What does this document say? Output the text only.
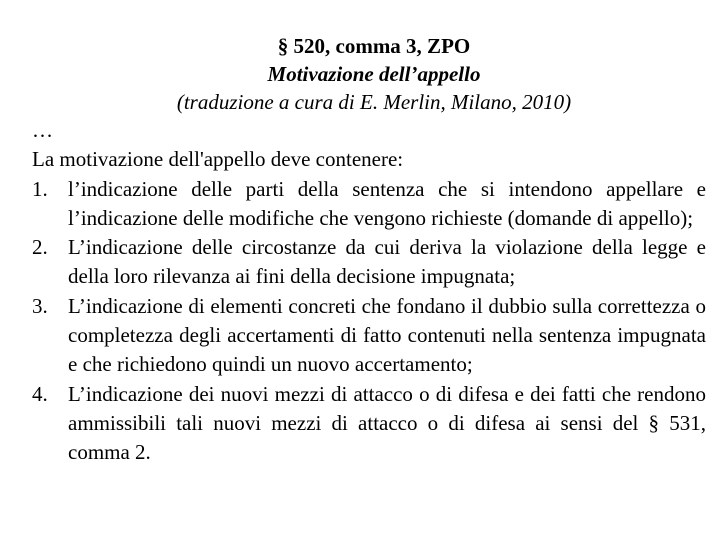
§ 520, comma 3, ZPO
Motivazione dell’appello
(traduzione a cura di E. Merlin, Milano, 2010)
…
La motivazione dell'appello deve contenere:
1. l’indicazione delle parti della sentenza che si intendono appellare e l’indicazione delle modifiche che vengono richieste (domande di appello);
2. L’indicazione delle circostanze da cui deriva la violazione della legge e della loro rilevanza ai fini della decisione impugnata;
3. L’indicazione di elementi concreti che fondano il dubbio sulla correttezza o completezza degli accertamenti di fatto contenuti nella sentenza impugnata e che richiedono quindi un nuovo accertamento;
4. L’indicazione dei nuovi mezzi di attacco o di difesa e dei fatti che rendono ammissibili tali nuovi mezzi di attacco o di difesa ai sensi del § 531, comma 2.
